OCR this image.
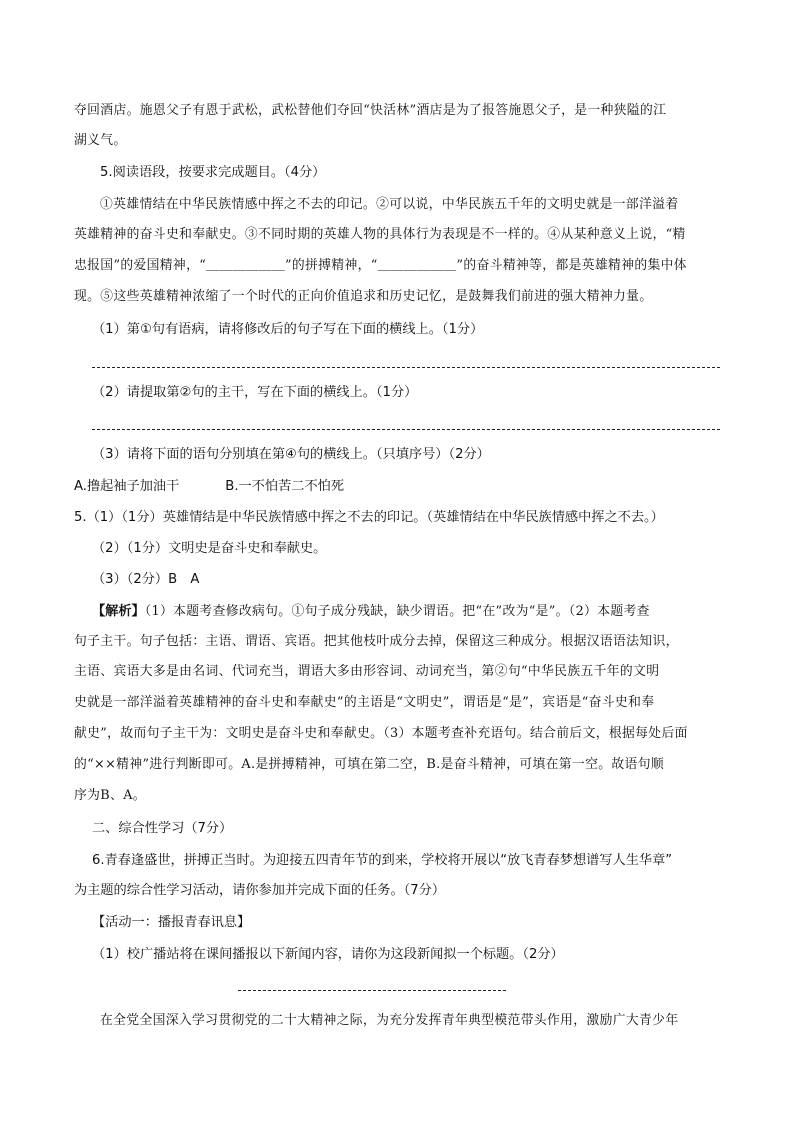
夺回酒店。施恩父子有恩于武松，武松替他们夺回“快活林”酒店是为了报答施恩父子，是一种狭隘的江
湖义气。
5.阅读语段，按要求完成题目。（4分）
①英雄情结在中华民族情感中挥之不去的印记。②可以说，中华民族五千年的文明史就是一部洋溢着
英雄精神的奋斗史和奉献史。③不同时期的英雄人物的具体行为表现是不一样的。④从某种意义上说，“精
忠报国”的爱国精神，“＿＿＿＿＿＿”的拼搏精神，“＿＿＿＿＿＿”的奋斗精神等，都是英雄精神的集中体
现。⑤这些英雄精神浓缩了一个时代的正向价值追求和历史记忆，是鼓舞我们前进的强大精神力量。
（1）第①句有语病，请将修改后的句子写在下面的横线上。（1分）
（2）请提取第②句的主干，写在下面的横线上。（1分）
（3）请将下面的语句分别填在第④句的横线上。（只填序号）（2分）
A.撸起袖子加油干	B.一不怕苦二不怕死
5.（1）（1分）英雄情结是中华民族情感中挥之不去的印记。（英雄情结在中华民族情感中挥之不去。）
（2）（1分）文明史是奋斗史和奉献史。
（3）（2分）B　A
【解析】（1）本题考查修改病句。①句子成分残缺，缺少谓语。把“在”改为“是”。（2）本题考查
句子主干。句子包括：主语、谓语、宾语。把其他枝叶成分去掉，保留这三种成分。根据汉语语法知识，
主语、宾语大多是由名词、代词充当，谓语大多由形容词、动词充当，第②句“中华民族五千年的文明
史就是一部洋溢着英雄精神的奋斗史和奉献史”的主语是“文明史”，谓语是“是”，宾语是“奋斗史和奉
献史”，故而句子主干为：文明史是奋斗史和奉献史。（3）本题考查补充语句。结合前后文，根据每处后面
的“××精神”进行判断即可。A.是拼搏精神，可填在第二空，B.是奋斗精神，可填在第一空。故语句顺
序为B、A。
二、综合性学习（7分）
6.青春逢盛世，拼搏正当时。为迎接五四青年节的到来，学校将开展以“放飞青春梦想谱写人生华章”
为主题的综合性学习活动，请你参加并完成下面的任务。（7分）
【活动一：播报青春讯息】
（1）校广播站将在课间播报以下新闻内容，请你为这段新闻拟一个标题。（2分）
在全党全国深入学习贯彻党的二十大精神之际，为充分发挥青年典型模范带头作用，激励广大青少年
